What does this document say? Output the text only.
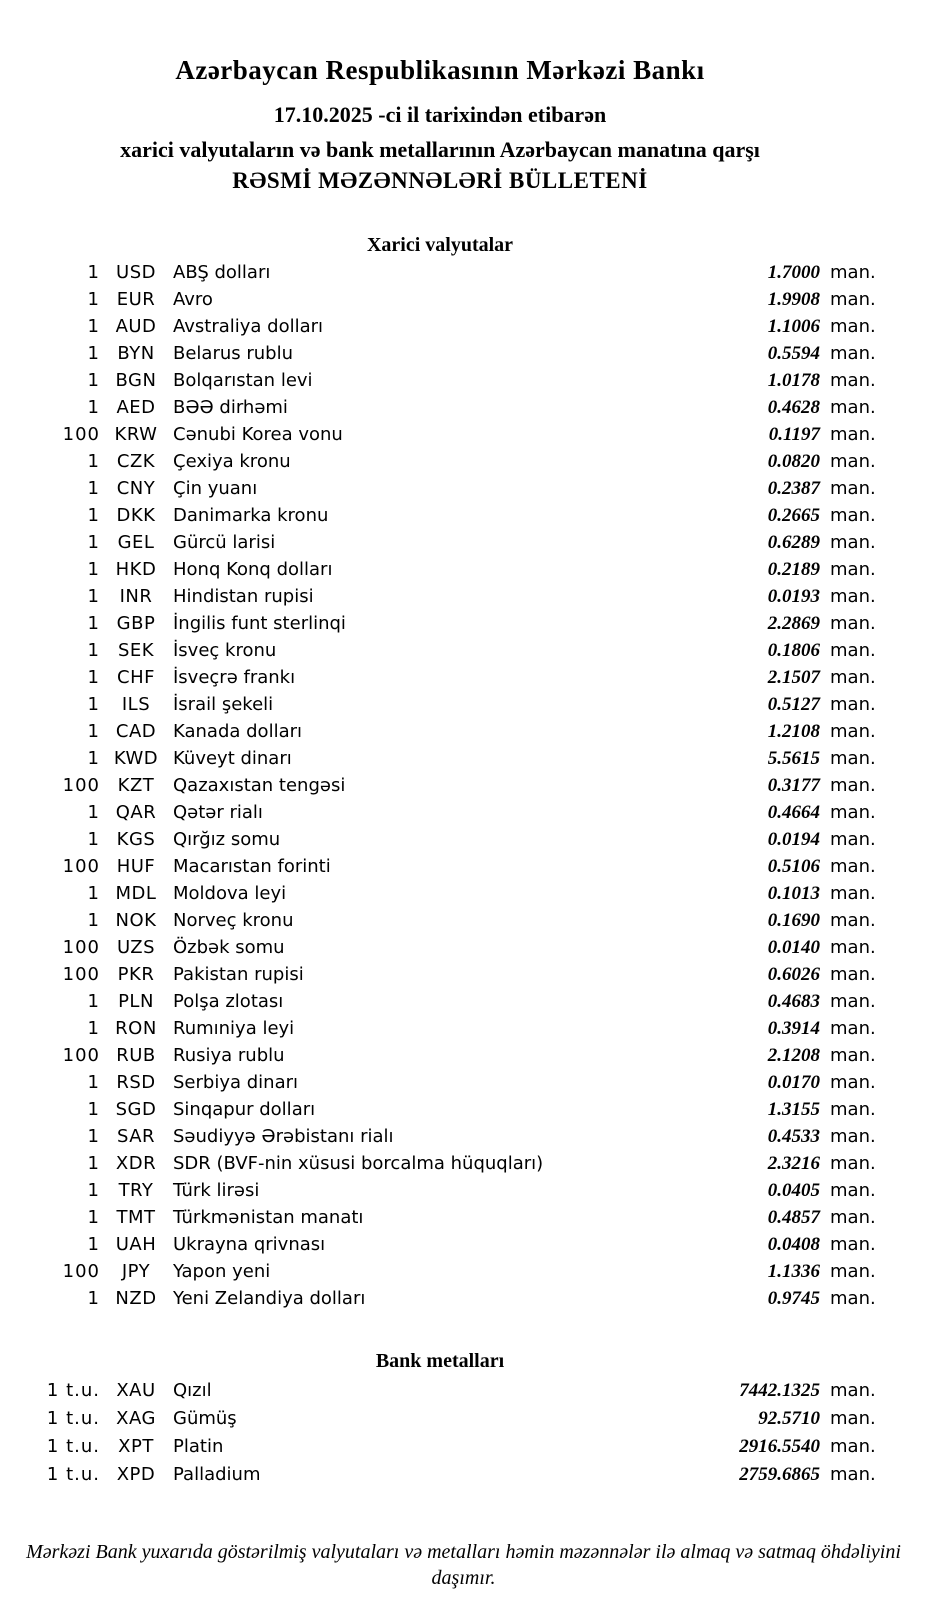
Azərbaycan Respublikasının Mərkəzi Bankı
17.10.2025 -ci il tarixindən etibarən
xarici valyutaların və bank metallarının Azərbaycan manatına qarşı
RƏSMİ MƏZƏNNƏLƏRİ BÜLLETENİ
Xarici valyutalar
1 USD ABŞ dolları	1.7000 man.
1 EUR Avro	1.9908 man.
1 AUD Avstraliya dolları	1.1006 man.
1 BYN	Belarus rublu	0.5594 man.
1 BGN Bolqarıstan levi	1.0178 man.
1 AED BƏƏ dirhəmi	0.4628 man.
100 KRW Cənubi Korea vonu	0.1197 man.
1 CZK Çexiya kronu	0.0820 man.
1 CNY Çin yuanı	0.2387 man.
1 DKK Danimarka kronu	0.2665 man.
1 GEL	Gürcü larisi	0.6289 man.
1 HKD Honq Konq dolları	0.2189 man.
1	INR	Hindistan rupisi	0.0193 man.
1 GBP İngilis funt sterlinqi	2.2869 man.
1 SEK	İsveç kronu	0.1806 man.
1 CHF	İsveçrə frankı	2.1507 man.
1	ILS	İsrail şekeli	0.5127 man.
1 CAD Kanada dolları	1.2108 man.
1 KWD Küveyt dinarı	5.5615 man.
100 KZT	Qazaxıstan tengəsi	0.3177 man.
1 QAR Qətər rialı	0.4664 man.
1 KGS Qırğız somu	0.0194 man.
100 HUF Macarıstan forinti	0.5106 man.
1 MDL Moldova leyi	0.1013 man.
1 NOK Norveç kronu	0.1690 man.
100 UZS Özbək somu	0.0140 man.
100 PKR	Pakistan rupisi	0.6026 man.
1	PLN	Polşa zlotası	0.4683 man.
1 RON Rumıniya leyi	0.3914 man.
100 RUB Rusiya rublu	2.1208 man.
1 RSD Serbiya dinarı	0.0170 man.
1 SGD Sinqapur dolları	1.3155 man.
1 SAR Səudiyyə Ərəbistanı rialı	0.4533 man.
1 XDR SDR (BVF-nin xüsusi borcalma hüquqları)	2.3216 man.
1	TRY	Türk lirəsi	0.0405 man.
1 TMT Türkmənistan manatı	0.4857 man.
1 UAH Ukrayna qrivnası	0.0408 man.
100	JPY	Yapon yeni	1.1336 man.
1 NZD Yeni Zelandiya dolları	0.9745 man.
Bank metalları
1 t.u. XAU Qızıl	7442.1325 man.
1 t.u. XAG Gümüş	92.5710 man.
1 t.u.	XPT	Platin	2916.5540 man.
1 t.u. XPD Palladium	2759.6865 man.
Mərkəzi Bank yuxarıda göstərilmiş valyutaları və metalları həmin məzənnələr ilə almaq və satmaq öhdəliyini daşımır.
